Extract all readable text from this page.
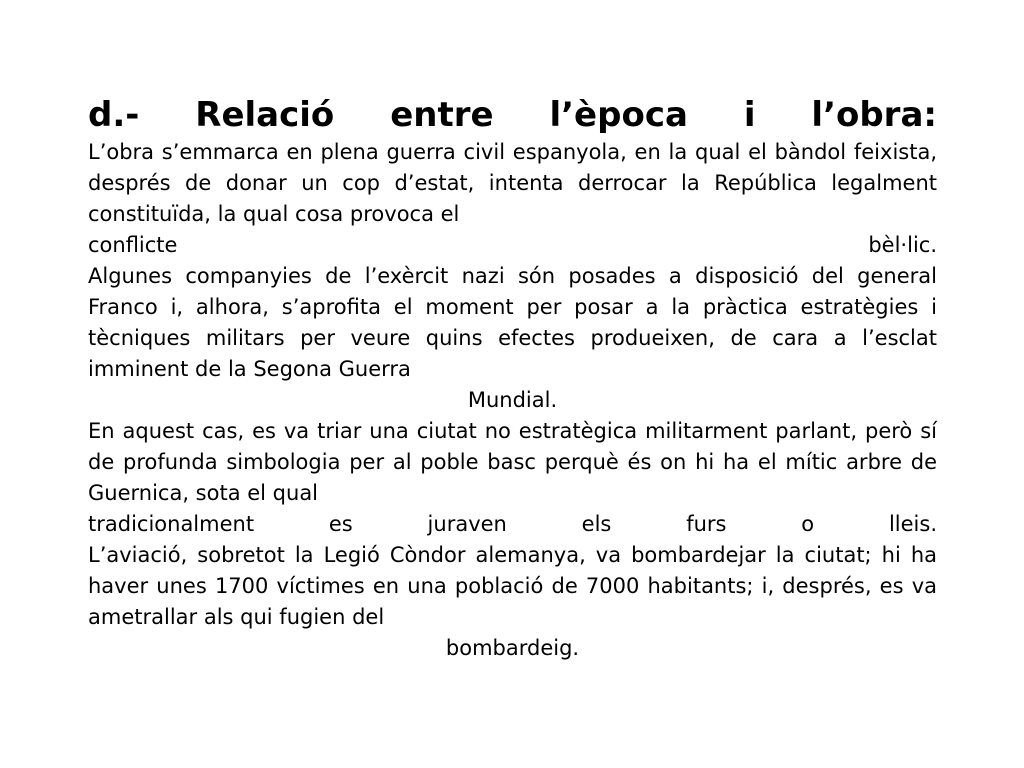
d.- Relació entre l’època i l’obra:

L’obra s’emmarca en plena guerra civil espanyola, en la qual el bàndol feixista, després de donar un cop d’estat, intenta derrocar la República legalment constituïda, la qual cosa provoca el
conflicte bèl·lic.

Algunes companyies de l’exèrcit nazi són posades a disposició del general Franco i, alhora, s’aprofita el moment per posar a la pràctica estratègies i tècniques militars per veure quins efectes produeixen, de cara a l’esclat imminent de la Segona Guerra
Mundial.

En aquest cas, es va triar una ciutat no estratègica militarment parlant, però sí de profunda simbologia per al poble basc perquè és on hi ha el mític arbre de Guernica, sota el qual
tradicionalment es juraven els furs o lleis.

L’aviació, sobretot la Legió Còndor alemanya, va bombardejar la ciutat; hi ha haver unes 1700 víctimes en una població de 7000 habitants; i, després, es va ametrallar als qui fugien del
bombardeig.
